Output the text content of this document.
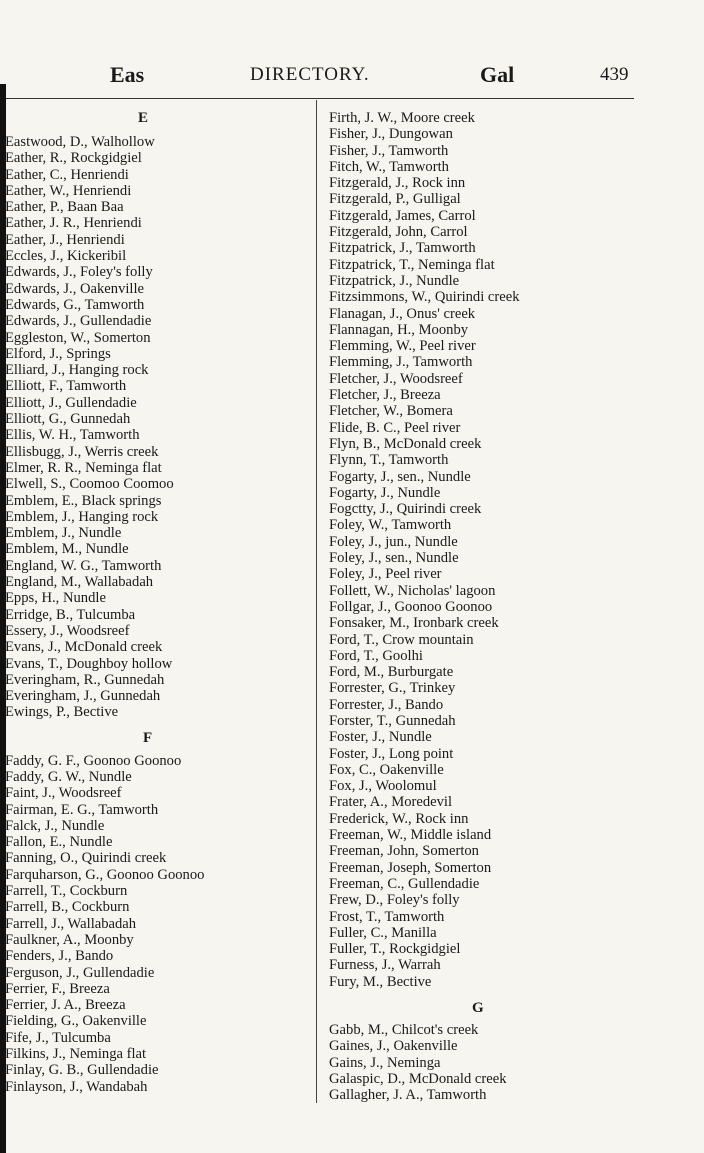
Eas	DIRECTORY.	Gal	439
E
Eastwood, D., Walhollow
Eather, R., Rockgidgiel
Eather, C., Henriendi
Eather, W., Henriendi
Eather, P., Baan Baa
Eather, J. R., Henriendi
Eather, J., Henriendi
Eccles, J., Kickeribil
Edwards, J., Foley's folly
Edwards, J., Oakenville
Edwards, G., Tamworth
Edwards, J., Gullendadie
Eggleston, W., Somerton
Elford, J., Springs
Elliard, J., Hanging rock
Elliott, F., Tamworth
Elliott, J., Gullendadie
Elliott, G., Gunnedah
Ellis, W. H., Tamworth
Ellisbugg, J., Werris creek
Elmer, R. R., Neminga flat
Elwell, S., Coomoo Coomoo
Emblem, E., Black springs
Emblem, J., Hanging rock
Emblem, J., Nundle
Emblem, M., Nundle
England, W. G., Tamworth
England, M., Wallabadah
Epps, H., Nundle
Erridge, B., Tulcumba
Essery, J., Woodsreef
Evans, J., McDonald creek
Evans, T., Doughboy hollow
Everingham, R., Gunnedah
Everingham, J., Gunnedah
Ewings, P., Bective
F
Faddy, G. F., Goonoo Goonoo
Faddy, G. W., Nundle
Faint, J., Woodsreef
Fairman, E. G., Tamworth
Falck, J., Nundle
Fallon, E., Nundle
Fanning, O., Quirindi creek
Farquharson, G., Goonoo Goonoo
Farrell, T., Cockburn
Farrell, B., Cockburn
Farrell, J., Wallabadah
Faulkner, A., Moonby
Fenders, J., Bando
Ferguson, J., Gullendadie
Ferrier, F., Breeza
Ferrier, J. A., Breeza
Fielding, G., Oakenville
Fife, J., Tulcumba
Filkins, J., Neminga flat
Finlay, G. B., Gullendadie
Finlayson, J., Wandabah
Firth, J. W., Moore creek
Fisher, J., Dungowan
Fisher, J., Tamworth
Fitch, W., Tamworth
Fitzgerald, J., Rock inn
Fitzgerald, P., Gulligal
Fitzgerald, James, Carrol
Fitzgerald, John, Carrol
Fitzpatrick, J., Tamworth
Fitzpatrick, T., Neminga flat
Fitzpatrick, J., Nundle
Fitzsimmons, W., Quirindi creek
Flanagan, J., Onus' creek
Flannagan, H., Moonby
Flemming, W., Peel river
Flemming, J., Tamworth
Fletcher, J., Woodsreef
Fletcher, J., Breeza
Fletcher, W., Bomera
Flide, B. C., Peel river
Flyn, B., McDonald creek
Flynn, T., Tamworth
Fogarty, J., sen., Nundle
Fogarty, J., Nundle
Fogctty, J., Quirindi creek
Foley, W., Tamworth
Foley, J., jun., Nundle
Foley, J., sen., Nundle
Foley, J., Peel river
Follett, W., Nicholas' lagoon
Follgar, J., Goonoo Goonoo
Fonsaker, M., Ironbark creek
Ford, T., Crow mountain
Ford, T., Goolhi
Ford, M., Burburgate
Forrester, G., Trinkey
Forrester, J., Bando
Forster, T., Gunnedah
Foster, J., Nundle
Foster, J., Long point
Fox, C., Oakenville
Fox, J., Woolomul
Frater, A., Moredevil
Frederick, W., Rock inn
Freeman, W., Middle island
Freeman, John, Somerton
Freeman, Joseph, Somerton
Freeman, C., Gullendadie
Frew, D., Foley's folly
Frost, T., Tamworth
Fuller, C., Manilla
Fuller, T., Rockgidgiel
Furness, J., Warrah
Fury, M., Bective
G
Gabb, M., Chilcot's creek
Gaines, J., Oakenville
Gains, J., Neminga
Galaspic, D., McDonald creek
Gallagher, J. A., Tamworth
